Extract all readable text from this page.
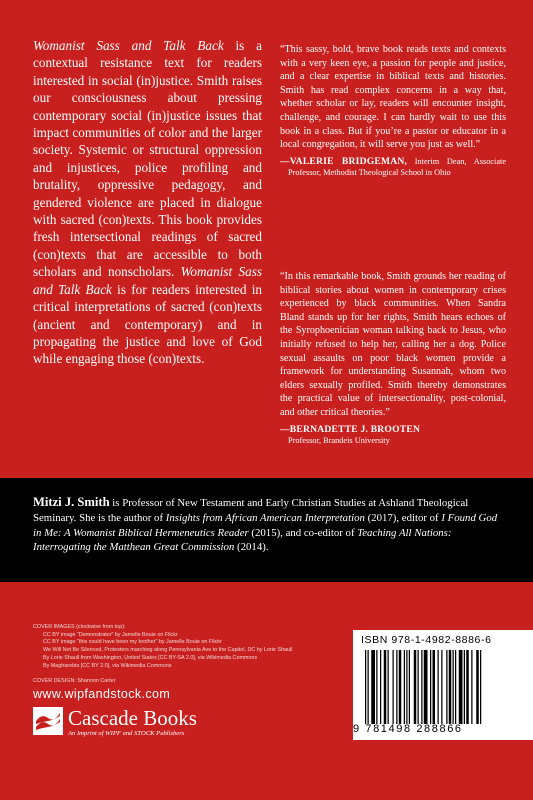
Womanist Sass and Talk Back is a contextual resistance text for readers interested in social (in)justice. Smith raises our consciousness about pressing contemporary social (in)justice issues that impact communities of color and the larger society. Systemic or structural oppression and injustices, police profiling and brutality, oppressive pedagogy, and gendered violence are placed in dialogue with sacred (con)texts. This book provides fresh intersectional readings of sacred (con)texts that are accessible to both scholars and nonscholars. Womanist Sass and Talk Back is for readers interested in critical interpretations of sacred (con)texts (ancient and contemporary) and in propagating the justice and love of God while engaging those (con)texts.

“This sassy, bold, brave book reads texts and contexts with a very keen eye, a passion for people and justice, and a clear expertise in biblical texts and histories. Smith has read complex concerns in a way that, whether scholar or lay, readers will encounter insight, challenge, and courage. I can hardly wait to use this book in a class. But if you’re a pastor or educator in a local congregation, it will serve you just as well.”

—VALERIE BRIDGEMAN, Interim Dean, Associate Professor, Methodist Theological School in Ohio

“In this remarkable book, Smith grounds her reading of biblical stories about women in contemporary crises experienced by black communities. When Sandra Bland stands up for her rights, Smith hears echoes of the Syrophoenician woman talking back to Jesus, who initially refused to help her, calling her a dog. Police sexual assaults on poor black women provide a framework for understanding Susannah, whom two elders sexually profiled. Smith thereby demonstrates the practical value of intersectionality, post-colonial, and other critical theories.”

—BERNADETTE J. BROOTEN
Professor, Brandeis University

Mitzi J. Smith is Professor of New Testament and Early Christian Studies at Ashland Theological Seminary. She is the author of Insights from African American Interpretation (2017), editor of I Found God in Me: A Womanist Biblical Hermeneutics Reader (2015), and co-editor of Teaching All Nations: Interrogating the Matthean Great Commission (2014).

COVER IMAGES (clockwise from top):
CC BY image “Demonstrator” by Jamelle Bouie on Flickr
CC BY image “this could have been my brother” by Jamelle Bouie on Flickr
We Will Not Be Silenced, Protesters marching along Pennsylvania Ave to the Capitol, DC by Lorie Shaull
By Lorie Shaull from Washington, United States [CC BY-SA 2.0], via Wikimedia Commons
By Magharebia [CC BY 2.0], via Wikimedia Commons
COVER DESIGN: Shannon Carter
www.wipfandstock.com
Cascade Books
An Imprint of WIPF and STOCK Publishers
ISBN 978-1-4982-8886-6
9 781498 288866
